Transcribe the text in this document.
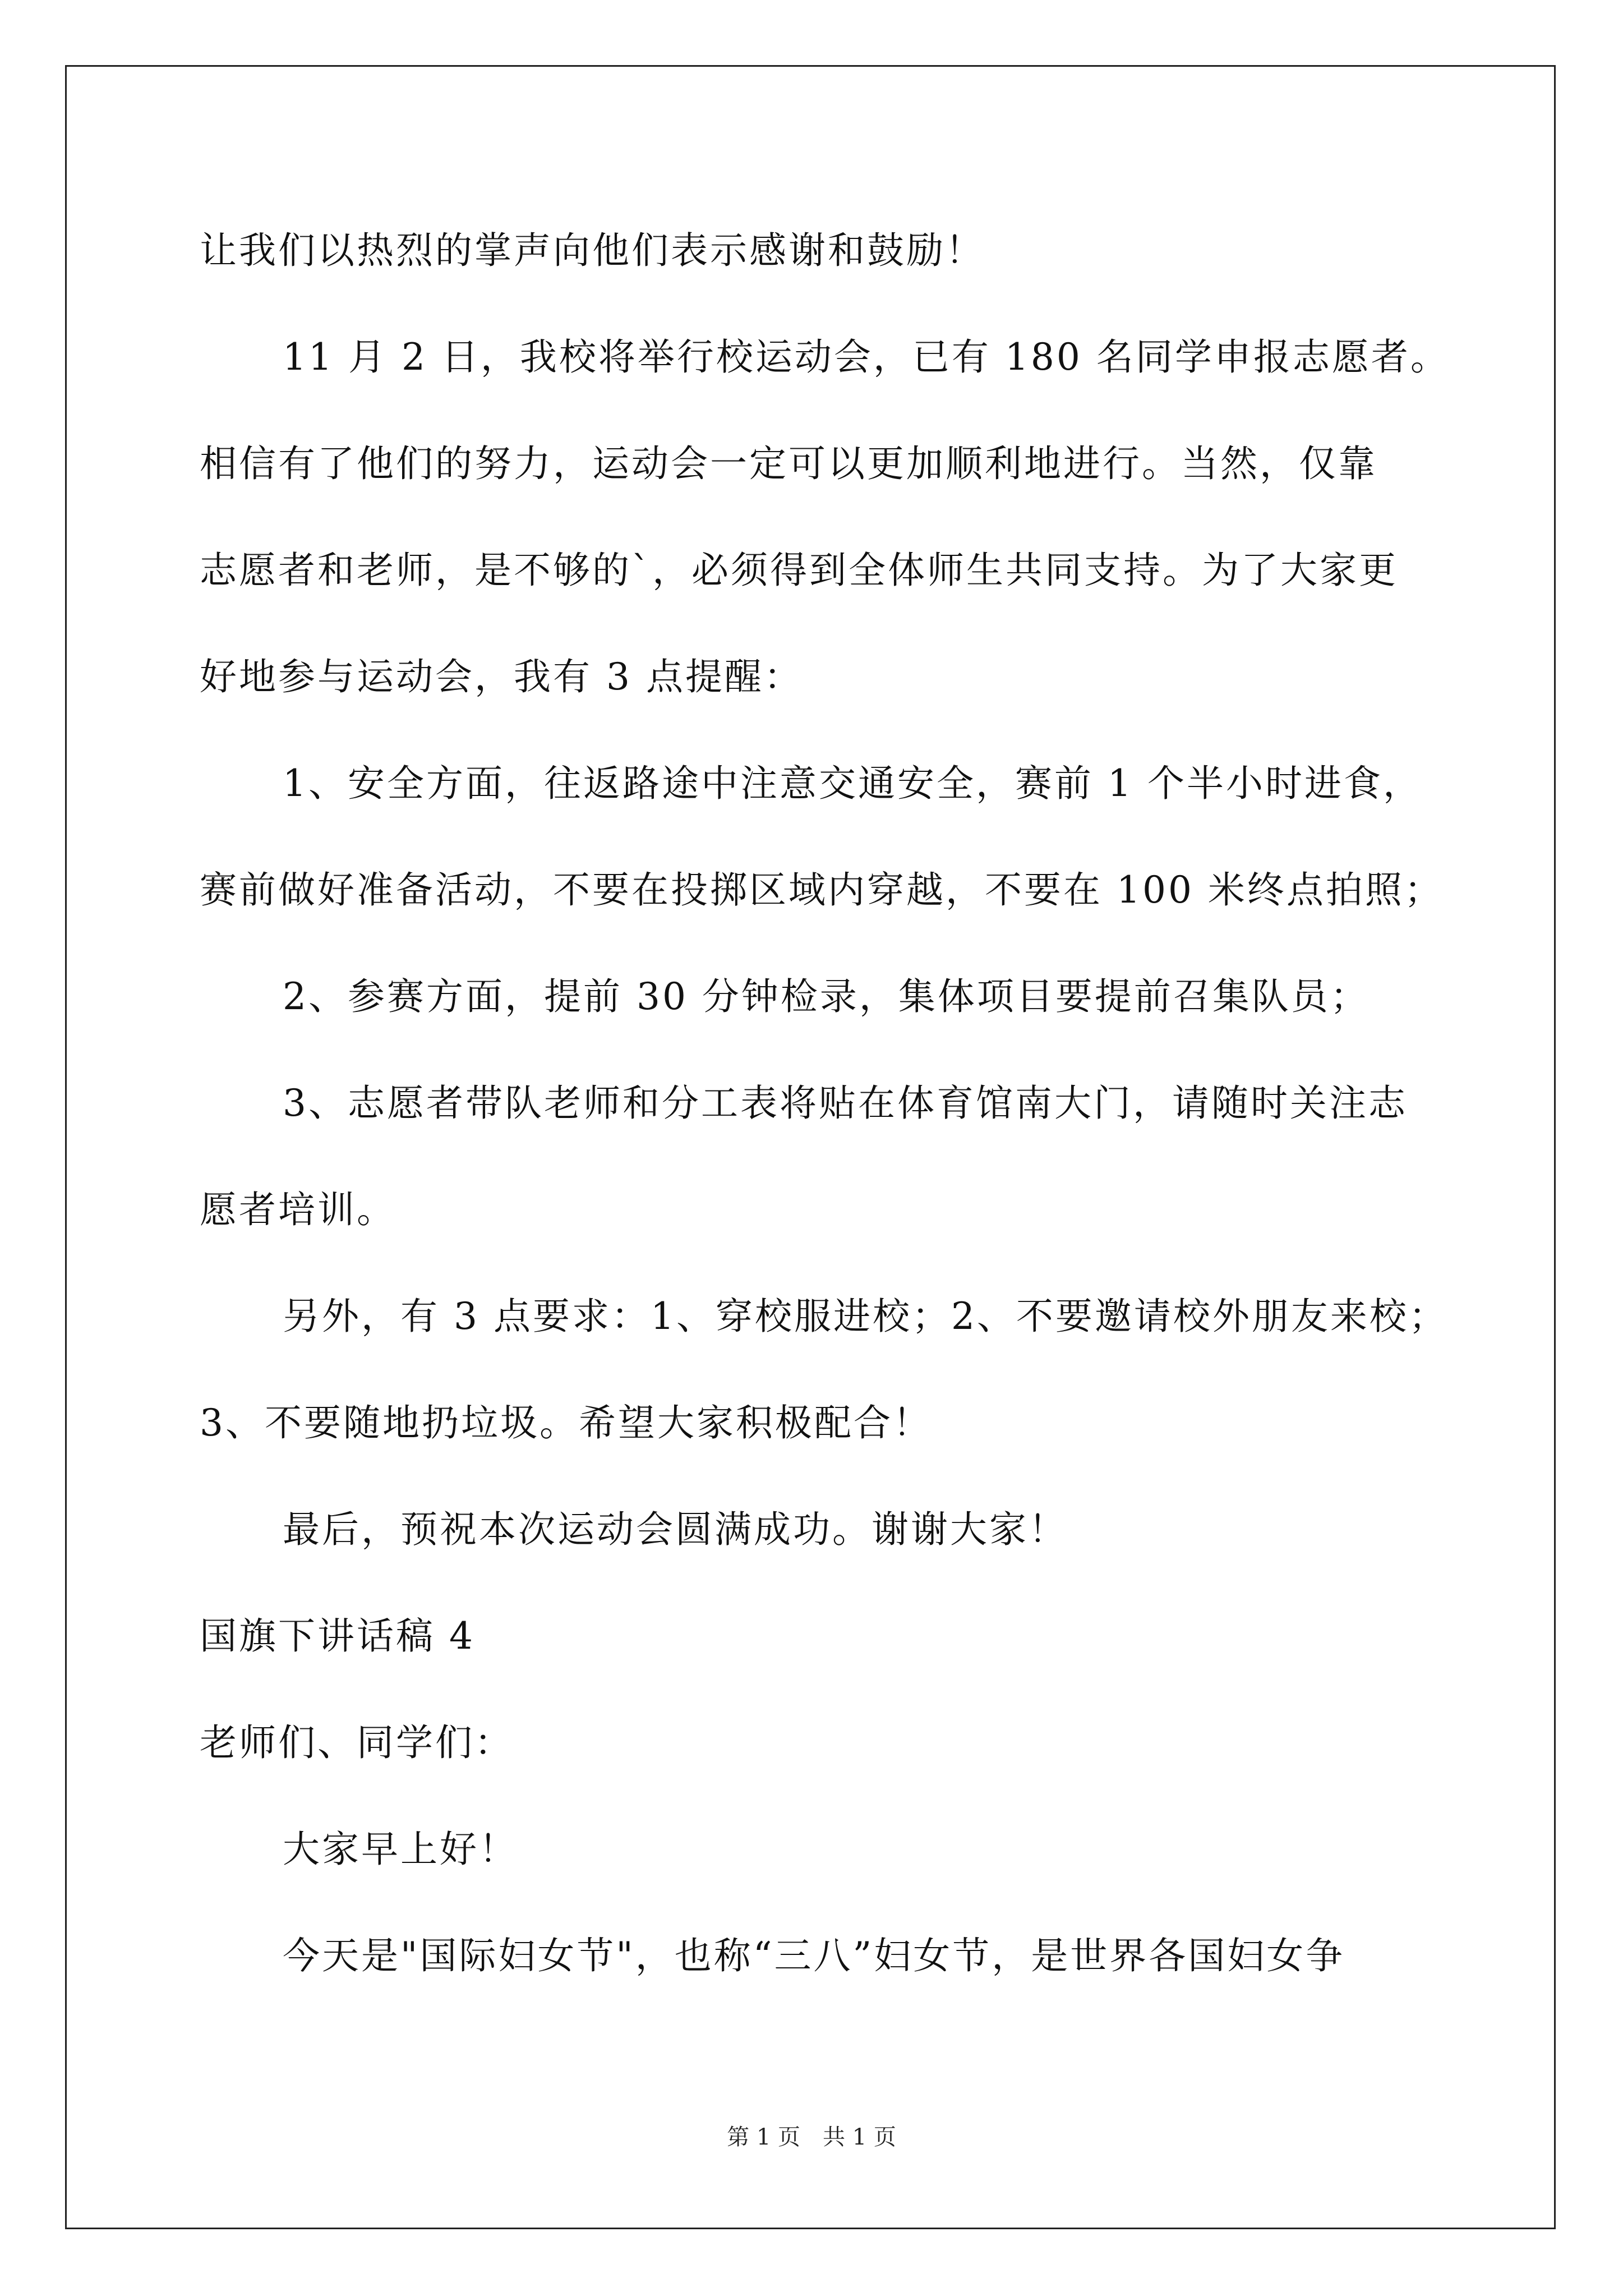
让我们以热烈的掌声向他们表示感谢和鼓励！
11 月 2 日，我校将举行校运动会，已有 180 名同学申报志愿者。
相信有了他们的努力，运动会一定可以更加顺利地进行。当然，仅靠
志愿者和老师，是不够的`，必须得到全体师生共同支持。为了大家更
好地参与运动会，我有 3 点提醒：
1、安全方面，往返路途中注意交通安全，赛前 1 个半小时进食，
赛前做好准备活动，不要在投掷区域内穿越，不要在 100 米终点拍照；
2、参赛方面，提前 30 分钟检录，集体项目要提前召集队员；
3、志愿者带队老师和分工表将贴在体育馆南大门，请随时关注志
愿者培训。
另外，有 3 点要求：1、穿校服进校；2、不要邀请校外朋友来校；
3、不要随地扔垃圾。希望大家积极配合！
最后，预祝本次运动会圆满成功。谢谢大家！
国旗下讲话稿 4
老师们、同学们：
大家早上好！
今天是"国际妇女节"，也称“三八”妇女节，是世界各国妇女争
第 1 页　共 1 页
